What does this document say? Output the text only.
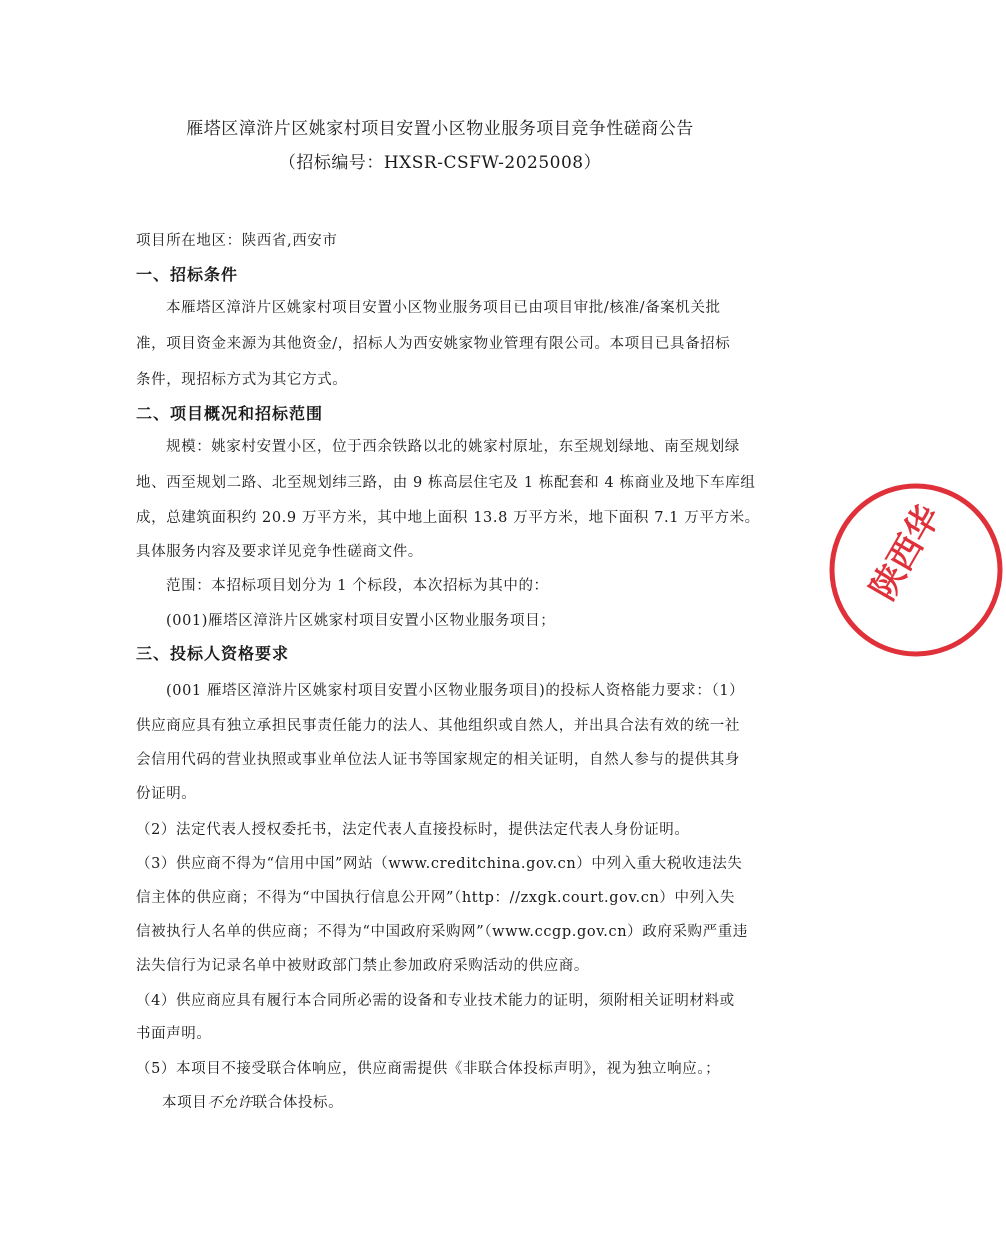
雁塔区漳浒片区姚家村项目安置小区物业服务项目竞争性磋商公告
（招标编号：HXSR-CSFW-2025008）
项目所在地区：陕西省,西安市
一、招标条件
本雁塔区漳浒片区姚家村项目安置小区物业服务项目已由项目审批/核准/备案机关批
准，项目资金来源为其他资金/，招标人为西安姚家物业管理有限公司。本项目已具备招标
条件，现招标方式为其它方式。
二、项目概况和招标范围
规模：姚家村安置小区，位于西余铁路以北的姚家村原址，东至规划绿地、南至规划绿
地、西至规划二路、北至规划纬三路，由 9 栋高层住宅及 1 栋配套和 4 栋商业及地下车库组
成，总建筑面积约 20.9 万平方米，其中地上面积 13.8 万平方米，地下面积 7.1 万平方米。
具体服务内容及要求详见竞争性磋商文件。
范围：本招标项目划分为 1 个标段，本次招标为其中的：
(001)雁塔区漳浒片区姚家村项目安置小区物业服务项目；
三、投标人资格要求
(001 雁塔区漳浒片区姚家村项目安置小区物业服务项目)的投标人资格能力要求：（1）
供应商应具有独立承担民事责任能力的法人、其他组织或自然人，并出具合法有效的统一社
会信用代码的营业执照或事业单位法人证书等国家规定的相关证明，自然人参与的提供其身
份证明。
（2）法定代表人授权委托书，法定代表人直接投标时，提供法定代表人身份证明。
（3）供应商不得为“信用中国”网站（www.creditchina.gov.cn）中列入重大税收违法失
信主体的供应商；不得为“中国执行信息公开网”（http：//zxgk.court.gov.cn）中列入失
信被执行人名单的供应商；不得为“中国政府采购网”（www.ccgp.gov.cn）政府采购严重违
法失信行为记录名单中被财政部门禁止参加政府采购活动的供应商。
（4）供应商应具有履行本合同所必需的设备和专业技术能力的证明，须附相关证明材料或
书面声明。
（5）本项目不接受联合体响应，供应商需提供《非联合体投标声明》，视为独立响应。；
本项目不允许联合体投标。
陕西华
